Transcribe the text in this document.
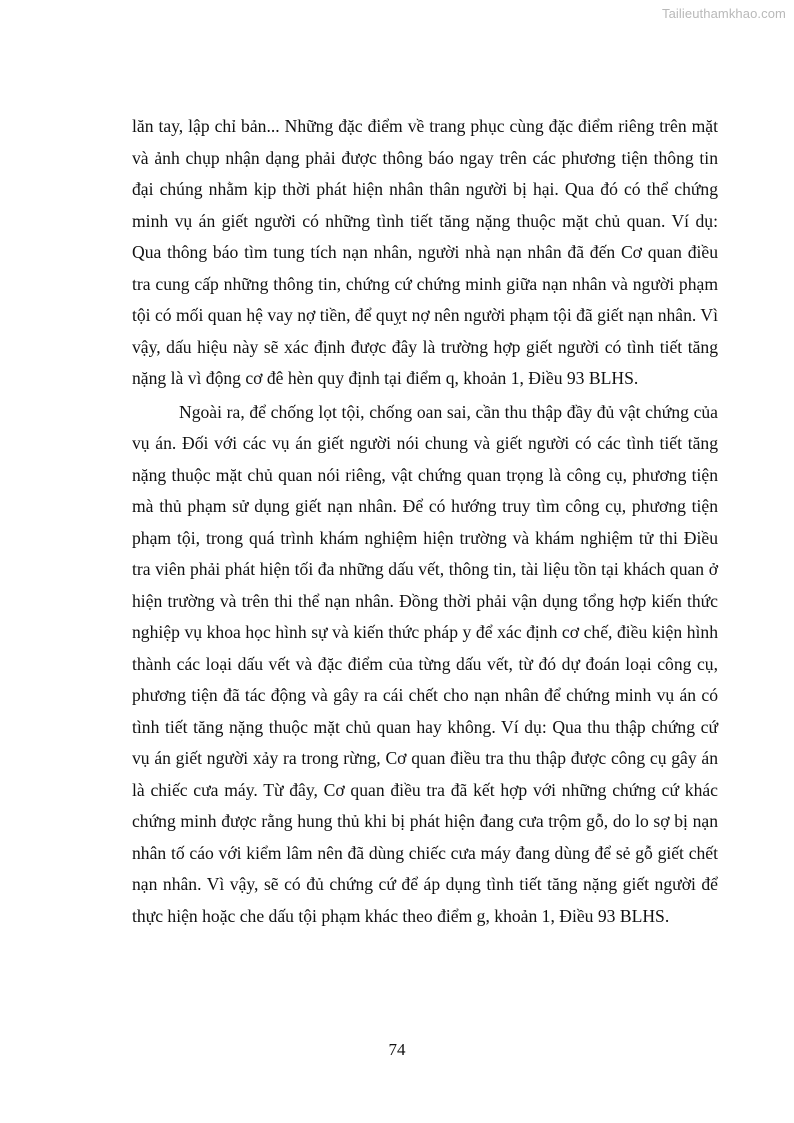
Tailieuthamkhao.com

lăn tay, lập chỉ bản... Những đặc điểm về trang phục cùng đặc điểm riêng trên mặt và ảnh chụp nhận dạng phải được thông báo ngay trên các phương tiện thông tin đại chúng nhằm kịp thời phát hiện nhân thân người bị hại. Qua đó có thể chứng minh vụ án giết người có những tình tiết tăng nặng thuộc mặt chủ quan. Ví dụ: Qua thông báo tìm tung tích nạn nhân, người nhà nạn nhân đã đến Cơ quan điều tra cung cấp những thông tin, chứng cứ chứng minh giữa nạn nhân và người phạm tội có mối quan hệ vay nợ tiền, để quỵt nợ nên người phạm tội đã giết nạn nhân. Vì vậy, dấu hiệu này sẽ xác định được đây là trường hợp giết người có tình tiết tăng nặng là vì động cơ đê hèn quy định tại điểm q, khoản 1, Điều 93 BLHS.

Ngoài ra, để chống lọt tội, chống oan sai, cần thu thập đầy đủ vật chứng của vụ án. Đối với các vụ án giết người nói chung và giết người có các tình tiết tăng nặng thuộc mặt chủ quan nói riêng, vật chứng quan trọng là công cụ, phương tiện mà thủ phạm sử dụng giết nạn nhân. Để có hướng truy tìm công cụ, phương tiện phạm tội, trong quá trình khám nghiệm hiện trường và khám nghiệm tử thi Điều tra viên phải phát hiện tối đa những dấu vết, thông tin, tài liệu tồn tại khách quan ở hiện trường và trên thi thể nạn nhân. Đồng thời phải vận dụng tổng hợp kiến thức nghiệp vụ khoa học hình sự và kiến thức pháp y để xác định cơ chế, điều kiện hình thành các loại dấu vết và đặc điểm của từng dấu vết, từ đó dự đoán loại công cụ, phương tiện đã tác động và gây ra cái chết cho nạn nhân để chứng minh vụ án có tình tiết tăng nặng thuộc mặt chủ quan hay không. Ví dụ: Qua thu thập chứng cứ vụ án giết người xảy ra trong rừng, Cơ quan điều tra thu thập được công cụ gây án là chiếc cưa máy. Từ đây, Cơ quan điều tra đã kết hợp với những chứng cứ khác chứng minh được rằng hung thủ khi bị phát hiện đang cưa trộm gỗ, do lo sợ bị nạn nhân tố cáo với kiểm lâm nên đã dùng chiếc cưa máy đang dùng để sẻ gỗ giết chết nạn nhân. Vì vậy, sẽ có đủ chứng cứ để áp dụng tình tiết tăng nặng giết người để thực hiện hoặc che dấu tội phạm khác theo điểm g, khoản 1, Điều 93 BLHS.

74
